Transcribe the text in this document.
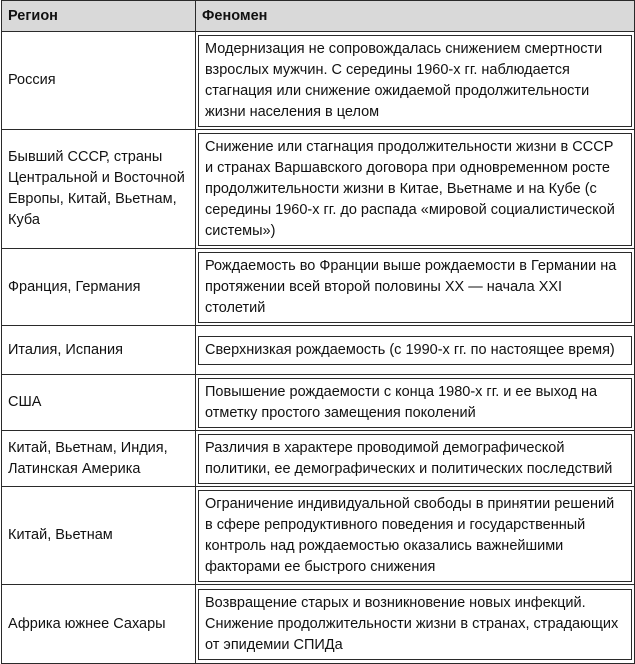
Регион	Феномен
Россия	Модернизация не сопровождалась снижением смертности взрослых мужчин. С середины 1960-х гг. наблюдается стагнация или снижение ожидаемой продолжительности жизни населения в целом

Бывший СССР, страны Центральной и Восточной Европы, Китай, Вьетнам, Куба	Снижение или стагнация продолжительности жизни в СССР и странах Варшавского договора при одновременном росте продолжительности жизни в Китае, Вьетнаме и на Кубе (с середины 1960-х гг. до распада «мировой социалистической системы»)

Франция, Германия	Рождаемость во Франции выше рождаемости в Германии на протяжении всей второй половины XX — начала XXI столетий

Италия, Испания	Сверхнизкая рождаемость (с 1990-х гг. по настоящее время)

США	Повышение рождаемости с конца 1980-х гг. и ее выход на отметку простого замещения поколений

Китай, Вьетнам, Индия, Латинская Америка	Различия в характере проводимой демографической политики, ее демографических и политических последствий

Китай, Вьетнам	Ограничение индивидуальной свободы в принятии решений в сфере репродуктивного поведения и государственный контроль над рождаемостью оказались важнейшими факторами ее быстрого снижения

Африка южнее Сахары	Возвращение старых и возникновение новых инфекций. Снижение продолжительности жизни в странах, страдающих от эпидемии СПИДа
